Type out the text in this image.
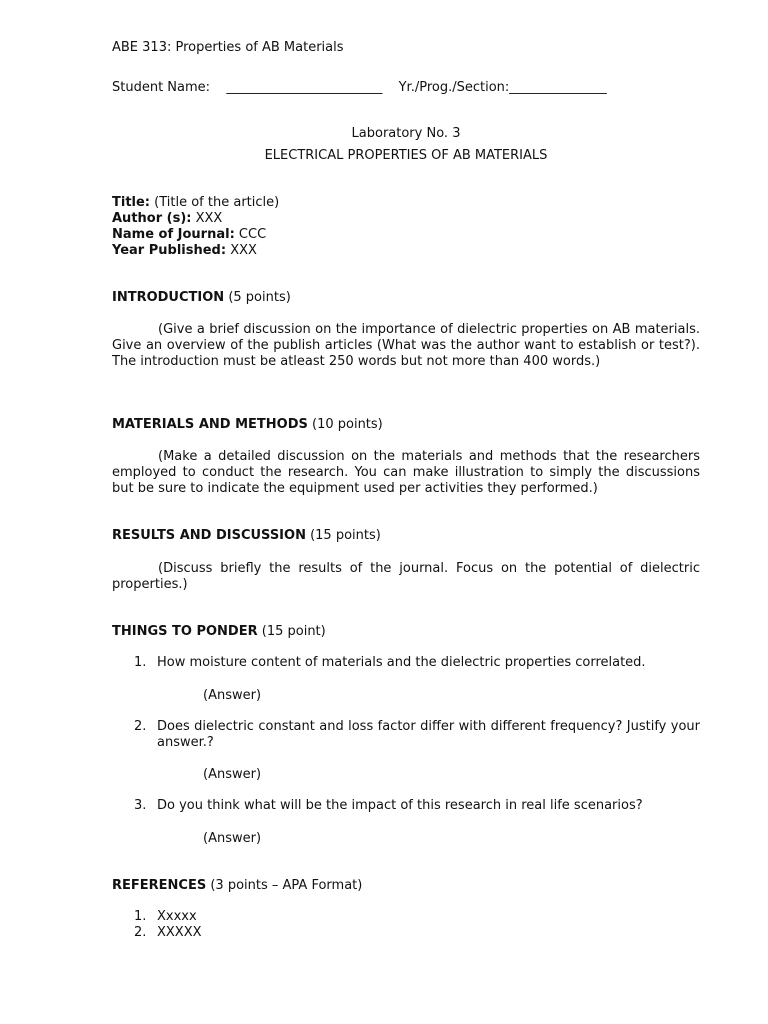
ABE 313: Properties of AB Materials
Student Name: ________________________ Yr./Prog./Section:_______________
Laboratory No. 3
ELECTRICAL PROPERTIES OF AB MATERIALS
Title: (Title of the article)
Author (s): XXX
Name of Journal: CCC
Year Published: XXX
INTRODUCTION (5 points)
(Give a brief discussion on the importance of dielectric properties on AB materials. Give an overview of the publish articles (What was the author want to establish or test?). The introduction must be atleast 250 words but not more than 400 words.)
MATERIALS AND METHODS (10 points)
(Make a detailed discussion on the materials and methods that the researchers employed to conduct the research. You can make illustration to simply the discussions but be sure to indicate the equipment used per activities they performed.)
RESULTS AND DISCUSSION (15 points)
(Discuss briefly the results of the journal. Focus on the potential of dielectric properties.)
THINGS TO PONDER (15 point)
1. How moisture content of materials and the dielectric properties correlated.
(Answer)
2. Does dielectric constant and loss factor differ with different frequency? Justify your answer.?
(Answer)
3. Do you think what will be the impact of this research in real life scenarios?
(Answer)
REFERENCES (3 points – APA Format)
1. Xxxxx
2. XXXXX
